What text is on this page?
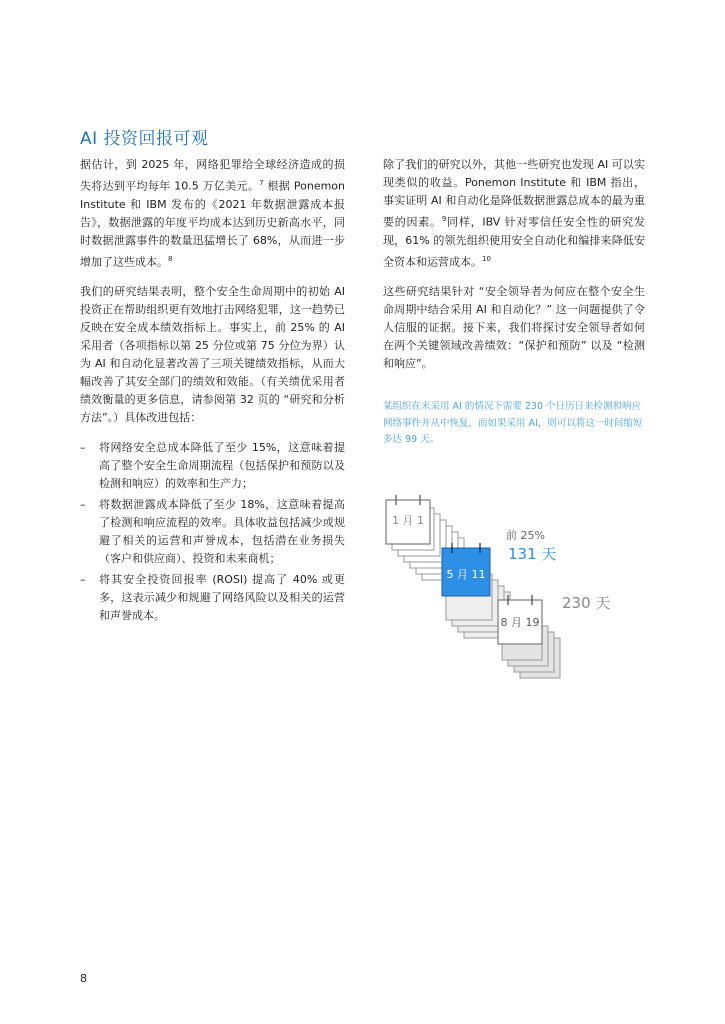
AI 投资回报可观

据估计，到 2025 年，网络犯罪给全球经济造成的损失将达到平均每年 10.5 万亿美元。$^7$ 根据 Ponemon Institute 和 IBM 发布的《2021 年数据泄露成本报告》，数据泄露的年度平均成本达到历史新高水平，同时数据泄露事件的数量迅猛增长了 68%，从而进一步增加了这些成本。$^8$

我们的研究结果表明，整个安全生命周期中的初始 AI 投资正在帮助组织更有效地打击网络犯罪，这一趋势已反映在安全成本绩效指标上。事实上，前 25% 的 AI 采用者（各项指标以第 25 分位或第 75 分位为界）认为 AI 和自动化显著改善了三项关键绩效指标，从而大幅改善了其安全部门的绩效和效能。（有关绩优采用者绩效衡量的更多信息，请参阅第 32 页的 “研究和分析方法”。）具体改进包括：

– 将网络安全总成本降低了至少 15%，这意味着提高了整个安全生命周期流程（包括保护和预防以及检测和响应）的效率和生产力；
– 将数据泄露成本降低了至少 18%，这意味着提高了检测和响应流程的效率。具体收益包括减少或规避了相关的运营和声誉成本，包括潜在业务损失（客户和供应商）、投资和未来商机；
– 将其安全投资回报率 (ROSI) 提高了 40% 或更多，这表示减少和规避了网络风险以及相关的运营和声誉成本。

除了我们的研究以外，其他一些研究也发现 AI 可以实现类似的收益。Ponemon Institute 和 IBM 指出，事实证明 AI 和自动化是降低数据泄露总成本的最为重要的因素。$^9$同样，IBV 针对零信任安全性的研究发现，61% 的领先组织使用安全自动化和编排来降低安全资本和运营成本。$^{10}$

这些研究结果针对 “安全领导者为何应在整个安全生命周期中结合采用 AI 和自动化？” 这一问题提供了令人信服的证据。接下来，我们将探讨安全领导者如何在两个关键领域改善绩效：“保护和预防” 以及 “检测和响应”。

某组织在未采用 AI 的情况下需要 230 个日历日来检测和响应网络事件并从中恢复，而如果采用 AI，则可以将这一时间缩短多达 99 天。
1 月 1
5 月 11
前 25%
131 天
8 月 19
230 天
8
